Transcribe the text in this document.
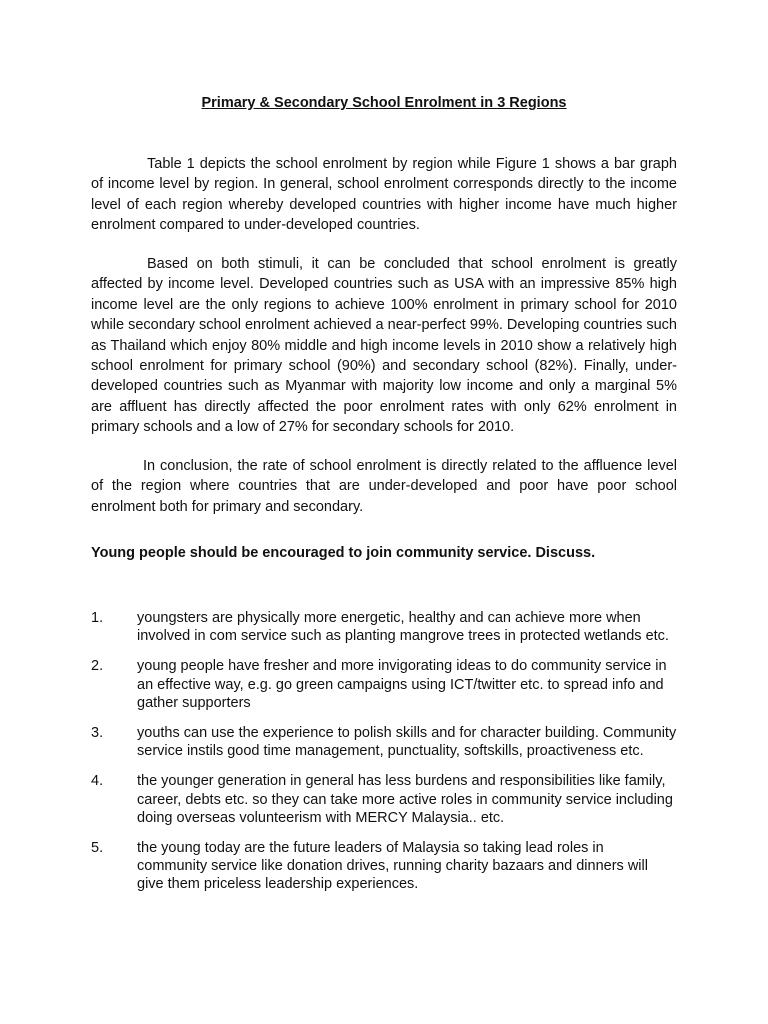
Primary & Secondary School Enrolment in 3 Regions

Table 1 depicts the school enrolment by region while Figure 1 shows a bar graph of income level by region. In general, school enrolment corresponds directly to the income level of each region whereby developed countries with higher income have much higher enrolment compared to under-developed countries.

Based on both stimuli, it can be concluded that school enrolment is greatly affected by income level. Developed countries such as USA with an impressive 85% high income level are the only regions to achieve 100% enrolment in primary school for 2010 while secondary school enrolment achieved a near-perfect 99%. Developing countries such as Thailand which enjoy 80% middle and high income levels in 2010 show a relatively high school enrolment for primary school (90%) and secondary school (82%). Finally, under-developed countries such as Myanmar with majority low income and only a marginal 5% are affluent has directly affected the poor enrolment rates with only 62% enrolment in primary schools and a low of 27% for secondary schools for 2010.

In conclusion, the rate of school enrolment is directly related to the affluence level of the region where countries that are under-developed and poor have poor school enrolment both for primary and secondary.

Young people should be encouraged to join community service. Discuss.
1. youngsters are physically more energetic, healthy and can achieve more when involved in com service such as planting mangrove trees in protected wetlands etc.
2. young people have fresher and more invigorating ideas to do community service in an effective way, e.g. go green campaigns using ICT/twitter etc. to spread info and gather supporters
3. youths can use the experience to polish skills and for character building. Community service instils good time management, punctuality, softskills, proactiveness etc.
4. the younger generation in general has less burdens and responsibilities like family, career, debts etc. so they can take more active roles in community service including doing overseas volunteerism with MERCY Malaysia.. etc.
5. the young today are the future leaders of Malaysia so taking lead roles in community service like donation drives, running charity bazaars and dinners will give them priceless leadership experiences.
